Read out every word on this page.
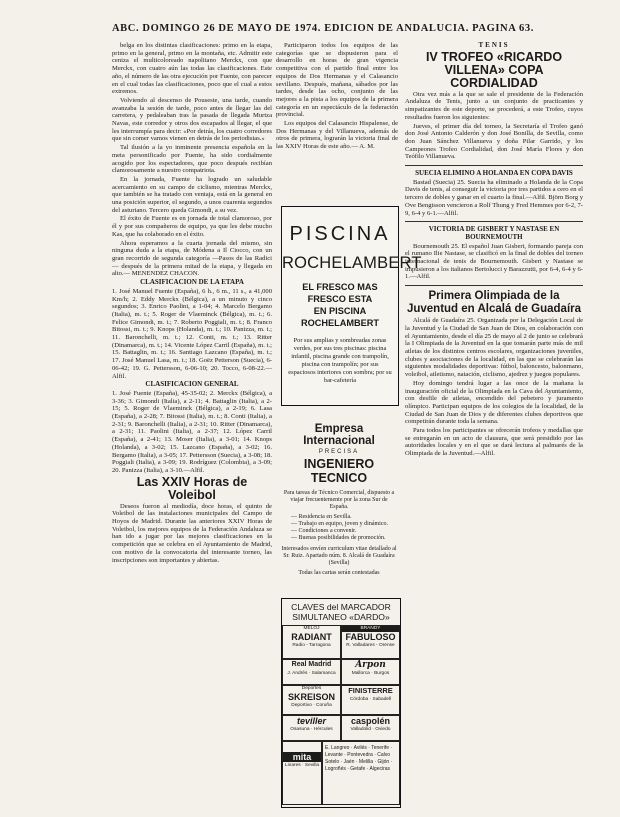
ABC. DOMINGO 26 DE MAYO DE 1974. EDICION DE ANDALUCIA. PAGINA 63.

belga en los distintas clasificaciones: primo en la etapa, primo en la general, primo en la montaña, etc. Admitir este ceniza el multicoloreado napolitano Merckx, con que Merckx, con cuatro aún las todas las clasificaciones. Este año, el número de las otra ejecución por Fuente, con parecer en el cual todas las clasificaciones, poco que el cual a estos extremos.

Volviendo al descenso de Pouseste, una tarde, cuando avanzaba la sesión de tarde, poco antes de llegar las del carretera, y pedaleaban tras la pasada de llegada Murtza Navas, este corredor y otros dos escapados al llegar, el que les interrumpía para decir: «Por detrás, los cuatro corredores que sin comer vamos vienen en detrás de los periodistas.»

Tal ilusión a la yo inminente presencia española en la meta personificado por Fuente, ha sido cordialmente acogido por los espectadores, que poco después recibían clamorosamente a nuestro compatriota.

En la jornada, Fuente ha logrado un saludable acercamiento en su campo de ciclismo, mientras Merckx, que también se ha tratado con ventaja, está en la general en una posición superior, el segundo, a unos cuarenta segundos del asturiano. Tercero queda Gimondi, a su vez.

El éxito de Fuente es en jornada de total clamoroso, por él y por sus compañeros de equipo, ya que les debe mucho Kas, que ha colaborado en el éxito.

Ahora esperamos a la cuarta jornada del mismo, sin ninguna duda a la etapa, de Módena a Il Ciocco, con un gran recorrido de segunda categoría —Pasos de las Radici— después de la primera mitad de la etapa, y llegada en alto.— MENENDEZ CHACON.

CLASIFICACION DE LA ETAPA

1. José Manuel Fuente (España), 6 h., 6 m., 11 s., a 41,000 Km/h; 2. Eddy Merckx (Bélgica), a un minuto y cinco segundos; 3. Enrico Paolini, a 1-04; 4. Marcelo Bergamo (Italia), m. t.; 5. Roger de Vlaeminck (Bélgica), m. t.; 6. Felice Gimondi, m. t.; 7. Roberto Poggiali, m. t.; 8. Franco Bitossi, m. t.; 9. Knops (Holanda), m. t.; 10. Panizza, m. t.; 11. Baronchelli, m. t.; 12. Conti, m. t.; 13. Ritter (Dinamarca), m. t.; 14. Vicente López Carril (España), m. t.; 15. Battaglin, m. t.; 16. Santiago Lazcano (España), m. t.; 17. José Manuel Lasa, m. t.; 18. Goëz Petterson (Suecia), 6-06-42; 19. G. Pettersson, 6-06-10; 20. Tocco, 6-08-22.—Alfil.

CLASIFICACION GENERAL

1. José Fuente (España), 45-35-02; 2. Merckx (Bélgica), a 3-36; 3. Gimondi (Italia), a 2-11; 4. Battaglin (Italia), a 2-15; 5. Roger de Vlaeminck (Bélgica), a 2-19; 6. Lasa (España), a 2-28; 7. Bitossi (Italia), m. t.; 8. Conti (Italia), a 2-31; 9. Baronchelli (Italia), a 2-31; 10. Ritter (Dinamarca), a 2-31; 11. Paolini (Italia), a 2-37; 12. López Carril (España), a 2-41; 13. Moser (Italia), a 3-01; 14. Knops (Holanda), a 3-02; 15. Lazcano (España), a 3-02; 16. Bergamo (Italia), a 3-05; 17. Pettersson (Suecia), a 3-08; 18. Poggiali (Italia), a 3-09; 19. Rodríguez (Colombia), a 3-09; 20. Panizza (Italia), a 3-10.—Alfil.

Las XXIV Horas de Voleibol

Deseos fueron al mediodía, doce horas, el quinto de Voleibol de las instalaciones municipales del Campo de Hoyos de Madrid. Durante las anteriores XXIV Horas de Voleibol, los mejores equipos de la Federación Andaluza se han ido a jugar por las mejores clasificaciones en la competición que se celebra en el Ayuntamiento de Madrid, con motivo de la convocatoria del interesante torneo, las inscripciones son importantes y abiertas.

Participaron todos los equipos de las categorías que se dispusieron para el desarrollo en horas de gran vigencia competitiva con el partido final entre los equipos de Dos Hermanas y el Calasancio sevillano. Después, mañana, sábados por las tardes, desde las ocho, conjunto de las mejores a la pista a los equipos de la primera categoría en un espectáculo de la federación provincial.

Los equipos del Calasancio Hispalense, de Dos Hermanas y del Villanueva, además de otros de primera, lograrán la victoria final de las XXIV Horas de este año.— A. M.

PISCINA
ROCHELAMBERT
EL FRESCO MAS FRESCO ESTA
EN PISCINA ROCHELAMBERT
Por sus amplias y sombreadas zonas verdes, por sus tres piscinas: piscina infantil, piscina grande con trampolín, piscina con trampolín; por sus espaciosos interiores con sombra; por su bar-cafetería
Empresa Internacional
PRECISA
INGENIERO TECNICO
Para tareas de Técnico Comercial, dispuesto a viajar frecuentemente por la zona Sur de España.
— Residencia en Sevilla.
— Trabajo en equipo, joven y dinámico.
— Condiciones a convenir.
— Buenas posibilidades de promoción.
Interesados envíen curriculum vitae detallado al Sr. Ruiz. Apartado núm. 8. Alcalá de Guadaíra (Sevilla)
Todas las cartas serán contestadas
CLAVES del MARCADOR
SIMULTANEO «DARDO»
MELOJ
RADIANT
Radio - Tarragona
BRANDY
FABULOSO
R. Valladares - Orense
Real Madrid
J. Andrés · Salamanca
Arpon
Mallorca · Burgos
Deportes
SKREISON
Deportivo · Coruña
FINISTERRE
Córdoba · Sabadell
teviller
Osasuna · Hércules
caspolén
Valladolid · Oviedo
mita
Linares · Sevilla
E. Langreo · Avilés · Tenerife · Levante · Pontevedra · Calvo Sotelo · Jaén · Melilla · Gijón · Logroñés · Getafe · Algeciras

TENIS

IV TROFEO «RICARDO VILLENA» COPA CORDIALIDAD

Otra vez más a la que se sale el presidente de la Federación Andaluza de Tenis, junto a un conjunto de practicantes y simpatizantes de este deporte, se procederá, a este Trofeo, cuyos resultados fueron los siguientes:

Jueves, el primer día del torneo, la Secretaría el Trofeo ganó don José Antonio Calderón y don José Bonilla, de Sevilla, como don Juan Sánchez Villanueva y doña Pilar Garrido, y los Campeones Trofeo Cordialidad, don José María Flores y don Teófilo Villanueva.

SUECIA ELIMINO A HOLANDA EN COPA DAVIS

Bastad (Suecia) 25. Suecia ha eliminado a Holanda de la Copa Davis de tenis, al conseguir la victoria por tres partidos a cero en el tercero de dobles y ganar en el cuarto la final.—Alfil. Björn Borg y Ove Bengtsson vencieron a Rolf Thung y Fred Hemmes por 6-2, 7-9, 6-4 y 6-1.—Alfil.

VICTORIA DE GISBERT Y NASTASE EN BOURNEMOUTH

Bournemouth 25. El español Juan Gisbert, formando pareja con el rumano Ilie Nastase, se clasificó en la final de dobles del torneo internacional de tenis de Bournemouth. Gisbert y Nastase se impusieron a los italianos Bertolucci y Barazzutti, por 6-4, 6-4 y 6-1.—Alfil.

Primera Olimpiada de la Juventud en Alcalá de Guadaíra

Alcalá de Guadaíra 25. Organizada por la Delegación Local de la Juventud y la Ciudad de San Juan de Dios, en colaboración con el Ayuntamiento, desde el día 25 de mayo al 2 de junio se celebrará la I Olimpiada de la Juventud en la que tomarán parte más de mil atletas de los distintos centros escolares, organizaciones juveniles, clubes y asociaciones de la localidad, en las que se celebrarán las siguientes modalidades deportivas: fútbol, baloncesto, balonmano, voleibol, atletismo, natación, ciclismo, ajedrez y juegos populares.

Hoy domingo tendrá lugar a las once de la mañana la inauguración oficial de la Olimpiada en la Cava del Ayuntamiento, con desfile de atletas, encendido del pebetero y juramento olímpico. Participan equipos de los colegios de la localidad, de la Ciudad de San Juan de Dios y de diferentes clubes deportivos que competirán durante toda la semana.

Para todos los participantes se ofrecerán trofeos y medallas que se entregarán en un acto de clausura, que será presidido por las autoridades locales y en el que se dará lectura al palmarés de la Olimpiada de la Juventud.—Alfil.
